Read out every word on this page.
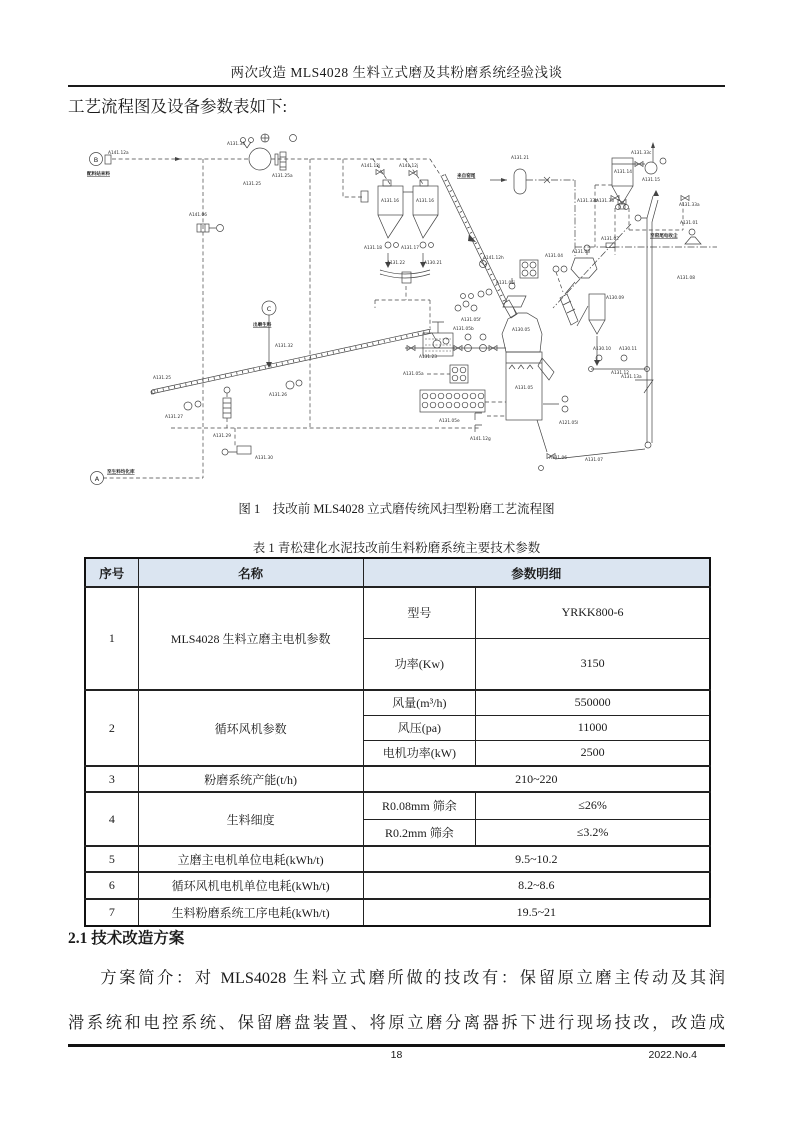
两次改造 MLS4028 生料立式磨及其粉磨系统经验浅谈
工艺流程图及设备参数表如下:
A141.12a
配料站来料
A131.34
A131.25a
A131.25
A141.06
A141.12j	A141.12j
A131.16	A131.16
A131.18	A131.17
A131.22	A130.21
A131.21
来自窑尾
A131.25
A131.27
A131.26
A131.32
出磨生料
A131.23
A141.12h
A131.05i
A131.05f
A130.05
A131.05
A131.05b
A131.05a
A131.05e
A141.12g
A121.05l
A131.29
A131.30
至生料均化库
A131.06	A131.07
A131.12
A130.10 A130.11
A131.13a
A131.04
A131.03
A130.09
A131.14
A131.33c
A131.15
A131.33b
A131.33
A131.33a
A131.02
A131.01
至窑尾电收尘
A131.08
B
C
A
图 1　技改前 MLS4028 立式磨传统风扫型粉磨工艺流程图
表 1 青松建化水泥技改前生料粉磨系统主要技术参数
序号	名称	参数明细	
1	MLS4028 生料立磨主电机参数	型号	YRKK800-6
		功率(Kw)	3150
2	循环风机参数	风量(m³/h)	550000
		风压(pa)	11000
		电机功率(kW)	2500
3	粉磨系统产能(t/h)	210~220	
4	生料细度	R0.08mm 筛余	≤26%
		R0.2mm 筛余	≤3.2%
5	立磨主电机单位电耗(kWh/t)	9.5~10.2	
6	循环风机电机单位电耗(kWh/t)	8.2~8.6	
7	生料粉磨系统工序电耗(kWh/t)	19.5~21	
2.1 技术改造方案
方案简介：对 MLS4028 生料立式磨所做的技改有：保留原立磨主传动及其润
滑系统和电控系统、保留磨盘装置、将原立磨分离器拆下进行现场技改，改造成
18	2022.No.4
